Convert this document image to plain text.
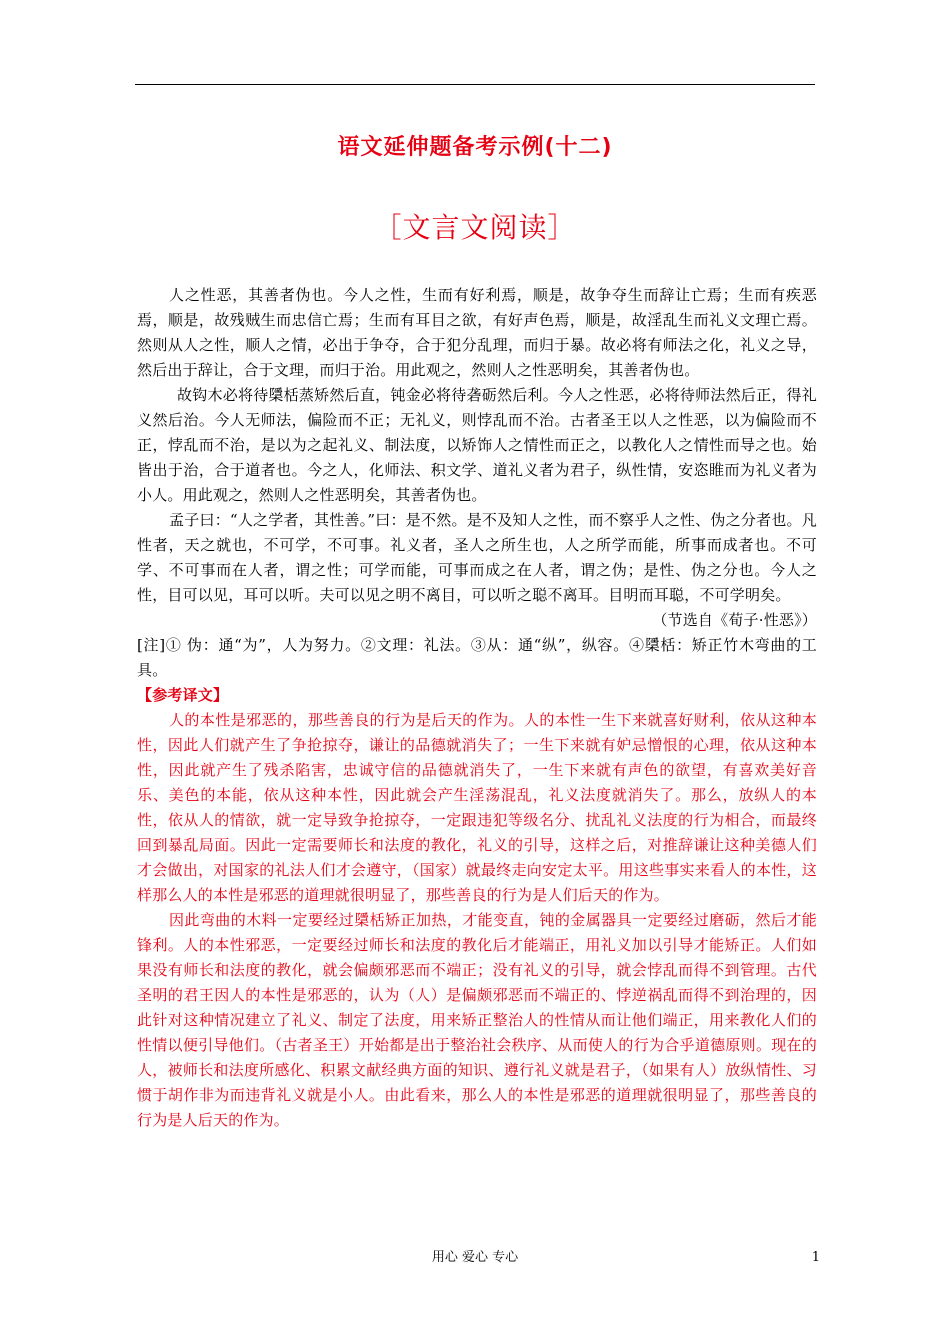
语文延伸题备考示例(十二)
［文言文阅读］

人之性恶，其善者伪也。今人之性，生而有好利焉，顺是，故争夺生而辞让亡焉；生而有疾恶焉，顺是，故残贼生而忠信亡焉；生而有耳目之欲，有好声色焉，顺是，故淫乱生而礼义文理亡焉。然则从人之性，顺人之情，必出于争夺，合于犯分乱理，而归于暴。故必将有师法之化，礼义之导，然后出于辞让，合于文理，而归于治。用此观之，然则人之性恶明矣，其善者伪也。

故钩木必将待檃栝蒸矫然后直，钝金必将待砻砺然后利。今人之性恶，必将待师法然后正，得礼义然后治。今人无师法，偏险而不正；无礼义，则悖乱而不治。古者圣王以人之性恶，以为偏险而不正，悖乱而不治，是以为之起礼义、制法度，以矫饰人之情性而正之，以教化人之情性而导之也。始皆出于治，合于道者也。今之人，化师法、积文学、道礼义者为君子，纵性情，安恣睢而为礼义者为小人。用此观之，然则人之性恶明矣，其善者伪也。

孟子曰：“人之学者，其性善。”曰：是不然。是不及知人之性，而不察乎人之性、伪之分者也。凡性者，天之就也，不可学，不可事。礼义者，圣人之所生也，人之所学而能，所事而成者也。不可学、不可事而在人者，谓之性；可学而能，可事而成之在人者，谓之伪；是性、伪之分也。今人之性，目可以见，耳可以听。夫可以见之明不离目，可以听之聪不离耳。目明而耳聪，不可学明矣。

（节选自《荀子·性恶》）

[注]① 伪：通“为”，人为努力。②文理：礼法。③从：通“纵”，纵容。④檃栝：矫正竹木弯曲的工具。

【参考译文】

人的本性是邪恶的，那些善良的行为是后天的作为。人的本性一生下来就喜好财利，依从这种本性，因此人们就产生了争抢掠夺，谦让的品德就消失了；一生下来就有妒忌憎恨的心理，依从这种本性，因此就产生了残杀陷害，忠诚守信的品德就消失了，一生下来就有声色的欲望，有喜欢美好音乐、美色的本能，依从这种本性，因此就会产生淫荡混乱，礼义法度就消失了。那么，放纵人的本性，依从人的情欲，就一定导致争抢掠夺，一定跟违犯等级名分、扰乱礼义法度的行为相合，而最终回到暴乱局面。因此一定需要师长和法度的教化，礼义的引导，这样之后，对推辞谦让这种美德人们才会做出，对国家的礼法人们才会遵守，（国家）就最终走向安定太平。用这些事实来看人的本性，这样那么人的本性是邪恶的道理就很明显了，那些善良的行为是人们后天的作为。

因此弯曲的木料一定要经过檃栝矫正加热，才能变直，钝的金属器具一定要经过磨砺，然后才能锋利。人的本性邪恶，一定要经过师长和法度的教化后才能端正，用礼义加以引导才能矫正。人们如果没有师长和法度的教化，就会偏颇邪恶而不端正；没有礼义的引导，就会悖乱而得不到管理。古代圣明的君王因人的本性是邪恶的，认为（人）是偏颇邪恶而不端正的、悖逆祸乱而得不到治理的，因此针对这种情况建立了礼义、制定了法度，用来矫正整治人的性情从而让他们端正，用来教化人们的性情以便引导他们。（古者圣王）开始都是出于整治社会秩序、从而使人的行为合乎道德原则。现在的人，被师长和法度所感化、积累文献经典方面的知识、遵行礼义就是君子，（如果有人）放纵情性、习惯于胡作非为而违背礼义就是小人。由此看来，那么人的本性是邪恶的道理就很明显了，那些善良的行为是人后天的作为。

用心 爱心 专心	1
